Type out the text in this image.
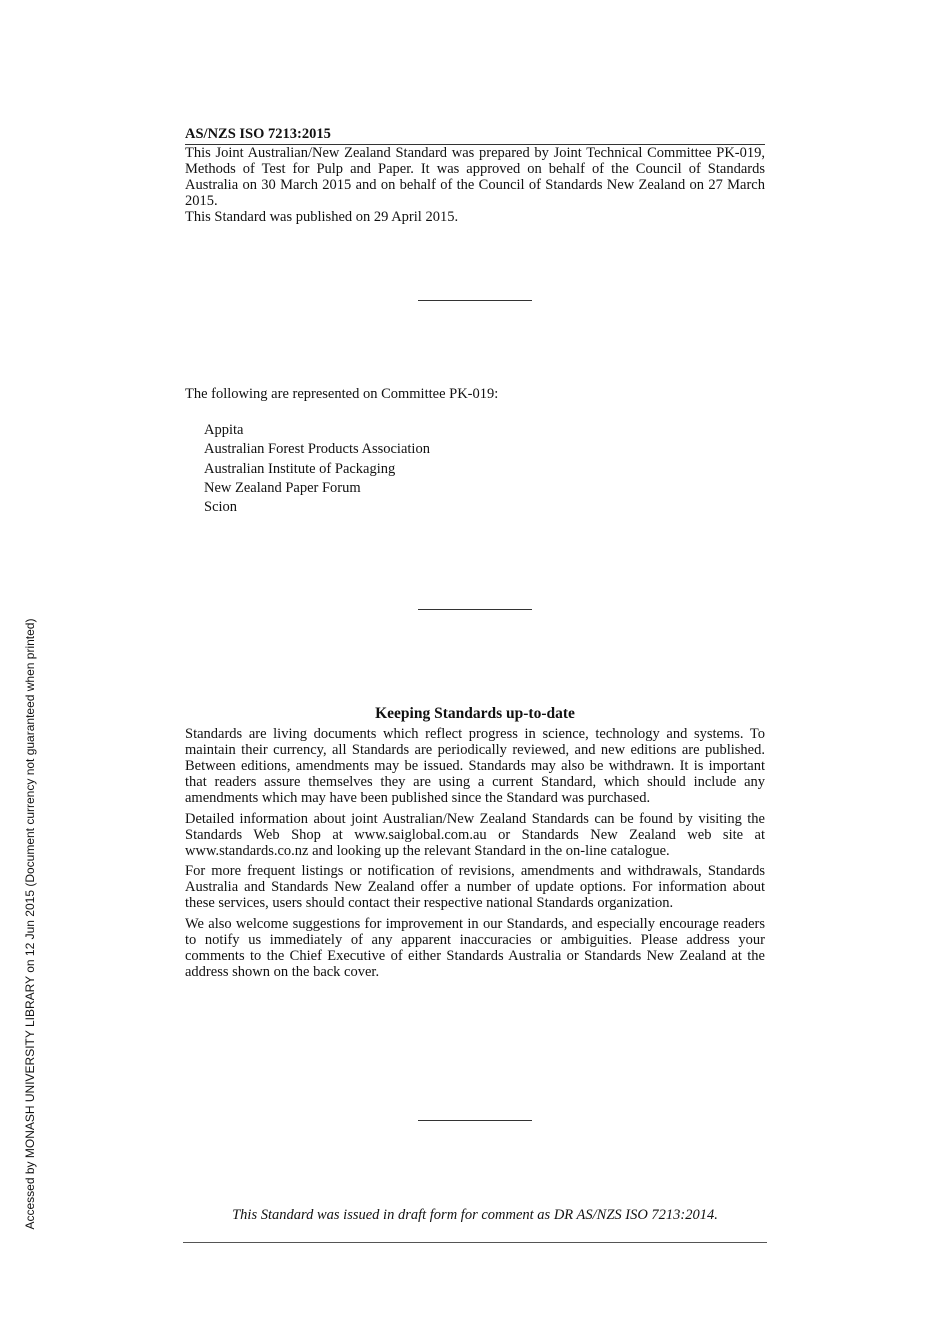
AS/NZS ISO 7213:2015

This Joint Australian/New Zealand Standard was prepared by Joint Technical Committee PK-019, Methods of Test for Pulp and Paper. It was approved on behalf of the Council of Standards Australia on 30 March 2015 and on behalf of the Council of Standards New Zealand on 27 March 2015.

This Standard was published on 29 April 2015.

The following are represented on Committee PK-019:

Appita
Australian Forest Products Association
Australian Institute of Packaging
New Zealand Paper Forum
Scion
Keeping Standards up-to-date

Standards are living documents which reflect progress in science, technology and systems. To maintain their currency, all Standards are periodically reviewed, and new editions are published. Between editions, amendments may be issued. Standards may also be withdrawn. It is important that readers assure themselves they are using a current Standard, which should include any amendments which may have been published since the Standard was purchased.

Detailed information about joint Australian/New Zealand Standards can be found by visiting the Standards Web Shop at www.saiglobal.com.au or Standards New Zealand web site at www.standards.co.nz and looking up the relevant Standard in the on-line catalogue.

For more frequent listings or notification of revisions, amendments and withdrawals, Standards Australia and Standards New Zealand offer a number of update options. For information about these services, users should contact their respective national Standards organization.

We also welcome suggestions for improvement in our Standards, and especially encourage readers to notify us immediately of any apparent inaccuracies or ambiguities. Please address your comments to the Chief Executive of either Standards Australia or Standards New Zealand at the address shown on the back cover.

This Standard was issued in draft form for comment as DR AS/NZS ISO 7213:2014.

Accessed by MONASH UNIVERSITY LIBRARY on 12 Jun 2015 (Document currency not guaranteed when printed)
